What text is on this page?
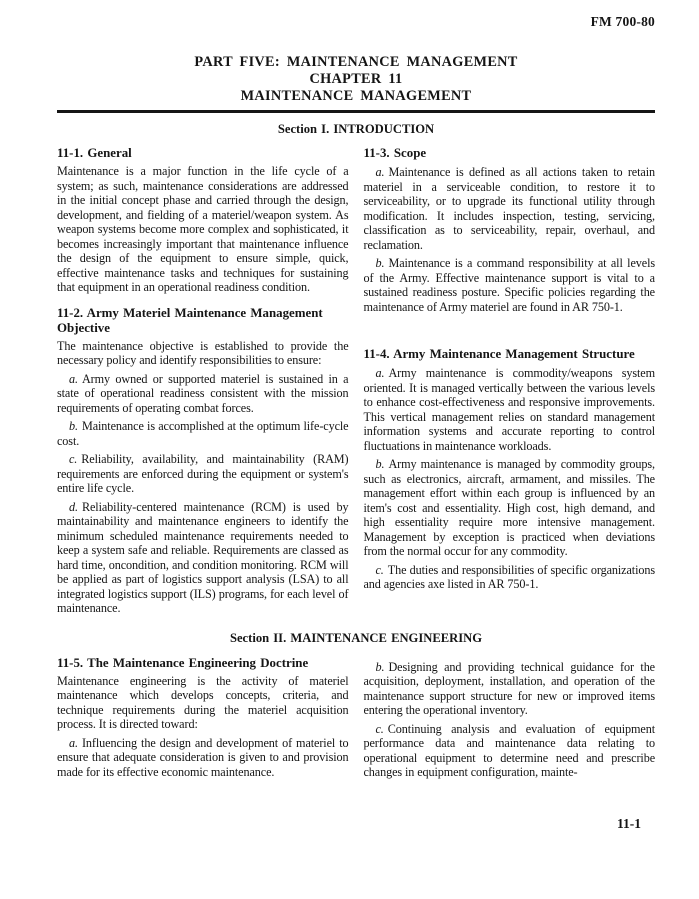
FM 700-80
PART FIVE: MAINTENANCE MANAGEMENT
CHAPTER 11
MAINTENANCE MANAGEMENT
Section I. INTRODUCTION
11-1. General

Maintenance is a major function in the life cycle of a system; as such, maintenance considerations are addressed in the initial concept phase and carried through the design, development, and fielding of a materiel/weapon system. As weapon systems become more complex and sophisticated, it becomes increasingly important that maintenance influence the design of the equipment to ensure simple, quick, effective maintenance tasks and techniques for sustaining that equipment in an operational readiness condition.

11-2. Army Materiel Maintenance Management Objective

The maintenance objective is established to provide the necessary policy and identify responsibilities to ensure:

a. Army owned or supported materiel is sustained in a state of operational readiness consistent with the mission requirements of operating combat forces.

b. Maintenance is accomplished at the optimum life-cycle cost.

c. Reliability, availability, and maintainability (RAM) requirements are enforced during the equipment or system's entire life cycle.

d. Reliability-centered maintenance (RCM) is used by maintainability and maintenance engineers to identify the minimum scheduled maintenance requirements needed to keep a system safe and reliable. Requirements are classed as hard time, oncondition, and condition monitoring. RCM will be applied as part of logistics support analysis (LSA) to all integrated logistics support (ILS) programs, for each level of maintenance.

11-3. Scope

a. Maintenance is defined as all actions taken to retain materiel in a serviceable condition, to restore it to serviceability, or to upgrade its functional utility through modification. It includes inspection, testing, servicing, classification as to serviceability, repair, overhaul, and reclamation.

b. Maintenance is a command responsibility at all levels of the Army. Effective maintenance support is vital to a sustained readiness posture. Specific policies regarding the maintenance of Army materiel are found in AR 750-1.

11-4. Army Maintenance Management Structure

a. Army maintenance is commodity/weapons system oriented. It is managed vertically between the various levels to enhance cost-effectiveness and responsive improvements. This vertical management relies on standard management information systems and accurate reporting to control fluctuations in maintenance workloads.

b. Army maintenance is managed by commodity groups, such as electronics, aircraft, armament, and missiles. The management effort within each group is influenced by an item's cost and essentiality. High cost, high demand, and high essentiality require more intensive management. Management by exception is practiced when deviations from the normal occur for any commodity.

c. The duties and responsibilities of specific organizations and agencies axe listed in AR 750-1.

Section II. MAINTENANCE ENGINEERING
11-5. The Maintenance Engineering Doctrine

Maintenance engineering is the activity of materiel maintenance which develops concepts, criteria, and technique requirements during the materiel acquisition process. It is directed toward:

a. Influencing the design and development of materiel to ensure that adequate consideration is given to and provision made for its effective economic maintenance.

b. Designing and providing technical guidance for the acquisition, deployment, installation, and operation of the maintenance support structure for new or improved items entering the operational inventory.

c. Continuing analysis and evaluation of equipment performance data and maintenance data relating to operational equipment to determine need and prescribe changes in equipment configuration, mainte-

11-1
